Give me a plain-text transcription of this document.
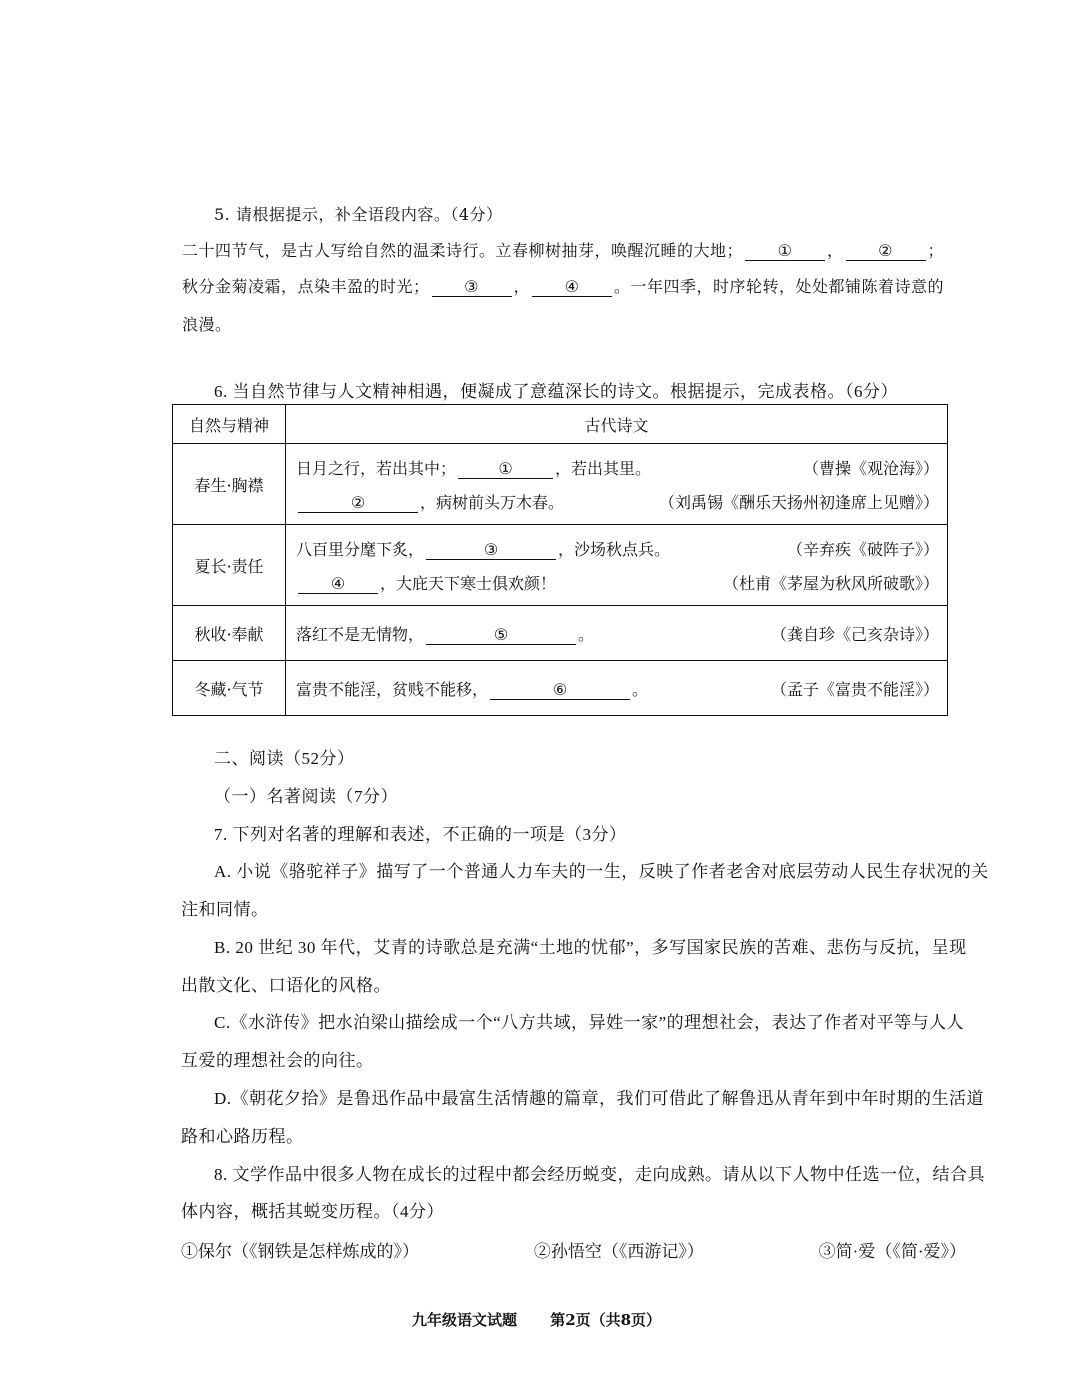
5. 请根据提示，补全语段内容。（4分）
二十四节气，是古人写给自然的温柔诗行。立春柳树抽芽，唤醒沉睡的大地； ① ， ② ；
秋分金菊凌霜，点染丰盈的时光； ③ ， ④ 。一年四季，时序轮转，处处都铺陈着诗意的
浪漫。
6. 当自然节律与人文精神相遇，便凝成了意蕴深长的诗文。根据提示，完成表格。（6分）
自然与精神	古代诗文
春生·胸襟	日月之行，若出其中； ① ，若出其里。 （曹操《观沧海》）
② ，病树前头万木春。 （刘禹锡《酬乐天扬州初逢席上见赠》）

夏长·责任	八百里分麾下炙， ③ ，沙场秋点兵。 （辛弃疾《破阵子》）
④ ，大庇天下寒士俱欢颜！ （杜甫《茅屋为秋风所破歌》）

秋收·奉献	落红不是无情物， ⑤ 。 （龚自珍《己亥杂诗》）

冬藏·气节	富贵不能淫，贫贱不能移， ⑥ 。 （孟子《富贵不能淫》）
二、阅读（52分）
（一）名著阅读（7分）
7. 下列对名著的理解和表述，不正确的一项是（3分）
A. 小说《骆驼祥子》描写了一个普通人力车夫的一生，反映了作者老舍对底层劳动人民生存状况的关
注和同情。
B. 20 世纪 30 年代，艾青的诗歌总是充满“土地的忧郁”，多写国家民族的苦难、悲伤与反抗，呈现
出散文化、口语化的风格。
C.《水浒传》把水泊梁山描绘成一个“八方共域，异姓一家”的理想社会，表达了作者对平等与人人
互爱的理想社会的向往。
D.《朝花夕拾》是鲁迅作品中最富生活情趣的篇章，我们可借此了解鲁迅从青年到中年时期的生活道
路和心路历程。
8. 文学作品中很多人物在成长的过程中都会经历蜕变，走向成熟。请从以下人物中任选一位，结合具
体内容，概括其蜕变历程。（4分）
①保尔（《钢铁是怎样炼成的》）	②孙悟空（《西游记》）	③简·爱（《简·爱》）
九年级语文试题 第2页（共8页）
